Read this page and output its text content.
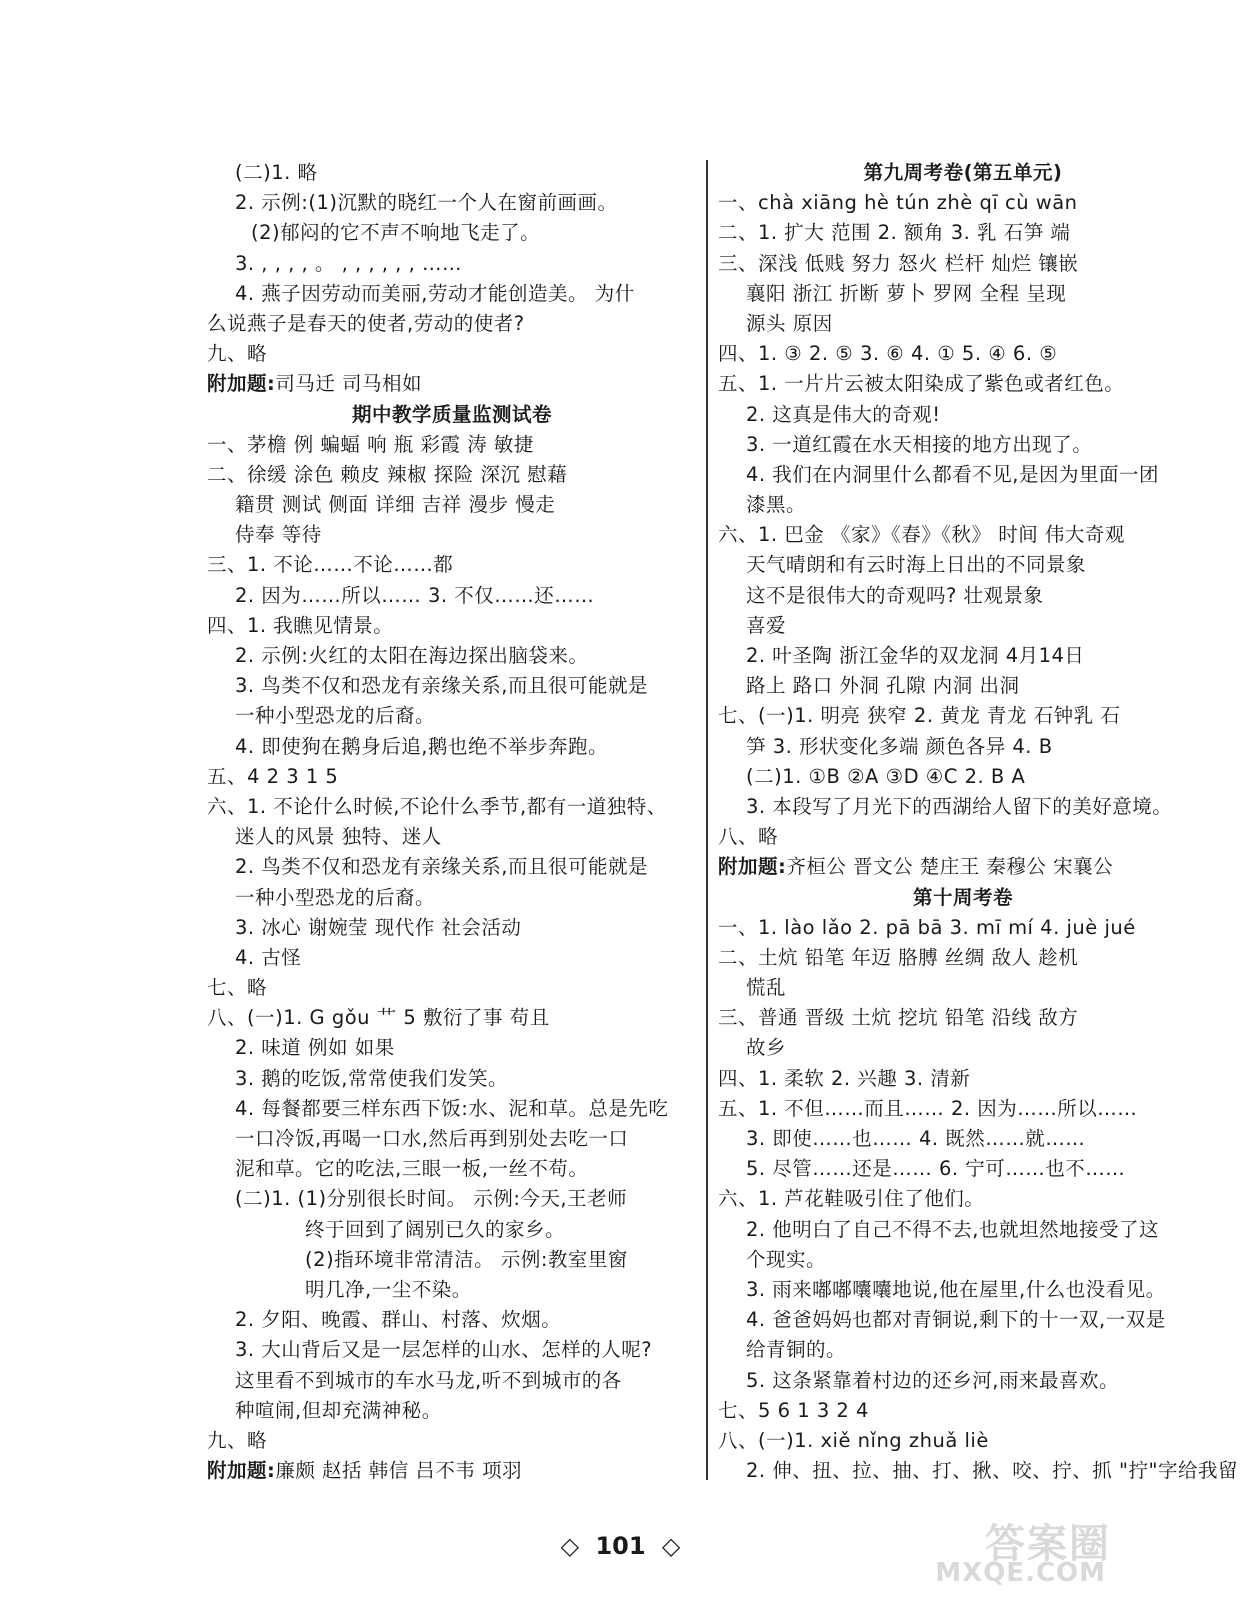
(二)1. 略
2. 示例:(1)沉默的晓红一个人在窗前画画。
(2)郁闷的它不声不响地飞走了。
3. , , , , 。 , , , , , , ……
4. 燕子因劳动而美丽,劳动才能创造美。 为什
么说燕子是春天的使者,劳动的使者?
九、略
附加题:司马迁 司马相如
期中教学质量监测试卷
一、茅檐 例 蝙蝠 响 瓶 彩霞 涛 敏捷
二、徐缓 涂色 赖皮 辣椒 探险 深沉 慰藉
籍贯 测试 侧面 详细 吉祥 漫步 慢走
侍奉 等待
三、1. 不论……不论……都
2. 因为……所以…… 3. 不仅……还……
四、1. 我瞧见情景。
2. 示例:火红的太阳在海边探出脑袋来。
3. 鸟类不仅和恐龙有亲缘关系,而且很可能就是
一种小型恐龙的后裔。
4. 即使狗在鹅身后追,鹅也绝不举步奔跑。
五、4 2 3 1 5
六、1. 不论什么时候,不论什么季节,都有一道独特、
迷人的风景 独特、迷人
2. 鸟类不仅和恐龙有亲缘关系,而且很可能就是
一种小型恐龙的后裔。
3. 冰心 谢婉莹 现代作 社会活动
4. 古怪
七、略
八、(一)1. G gǒu 艹 5 敷衍了事 苟且
2. 味道 例如 如果
3. 鹅的吃饭,常常使我们发笑。
4. 每餐都要三样东西下饭:水、泥和草。总是先吃
一口冷饭,再喝一口水,然后再到别处去吃一口
泥和草。它的吃法,三眼一板,一丝不苟。
(二)1. (1)分别很长时间。 示例:今天,王老师
终于回到了阔别已久的家乡。
(2)指环境非常清洁。 示例:教室里窗
明几净,一尘不染。
2. 夕阳、晚霞、群山、村落、炊烟。
3. 大山背后又是一层怎样的山水、怎样的人呢?
这里看不到城市的车水马龙,听不到城市的各
种喧闹,但却充满神秘。
九、略
附加题:廉颇 赵括 韩信 吕不韦 项羽
第九周考卷(第五单元)
一、chà xiāng hè tún zhè qī cù wān
二、1. 扩大 范围 2. 额角 3. 乳 石笋 端
三、深浅 低贱 努力 怒火 栏杆 灿烂 镶嵌
襄阳 浙江 折断 萝卜 罗网 全程 呈现
源头 原因
四、1. ③ 2. ⑤ 3. ⑥ 4. ① 5. ④ 6. ⑤
五、1. 一片片云被太阳染成了紫色或者红色。
2. 这真是伟大的奇观!
3. 一道红霞在水天相接的地方出现了。
4. 我们在内洞里什么都看不见,是因为里面一团
漆黑。
六、1. 巴金 《家》《春》《秋》 时间 伟大奇观
天气晴朗和有云时海上日出的不同景象
这不是很伟大的奇观吗? 壮观景象
喜爱
2. 叶圣陶 浙江金华的双龙洞 4月14日
路上 路口 外洞 孔隙 内洞 出洞
七、(一)1. 明亮 狭窄 2. 黄龙 青龙 石钟乳 石
笋 3. 形状变化多端 颜色各异 4. B
(二)1. ①B ②A ③D ④C 2. B A
3. 本段写了月光下的西湖给人留下的美好意境。
八、略
附加题:齐桓公 晋文公 楚庄王 秦穆公 宋襄公
第十周考卷
一、1. lào lǎo 2. pā bā 3. mī mí 4. juè jué
二、土炕 铅笔 年迈 胳膊 丝绸 敌人 趁机
慌乱
三、普通 晋级 土炕 挖坑 铅笔 沿线 敌方
故乡
四、1. 柔软 2. 兴趣 3. 清新
五、1. 不但……而且…… 2. 因为……所以……
3. 即使……也…… 4. 既然……就……
5. 尽管……还是…… 6. 宁可……也不……
六、1. 芦花鞋吸引住了他们。
2. 他明白了自己不得不去,也就坦然地接受了这
个现实。
3. 雨来嘟嘟囔囔地说,他在屋里,什么也没看见。
4. 爸爸妈妈也都对青铜说,剩下的十一双,一双是
给青铜的。
5. 这条紧靠着村边的还乡河,雨来最喜欢。
七、5 6 1 3 2 4
八、(一)1. xiě nǐng zhuǎ liè
2. 伸、扭、拉、抽、打、揪、咬、拧、抓 "拧"字给我留
◇ 101 ◇	答案圈
MXQE.COM
